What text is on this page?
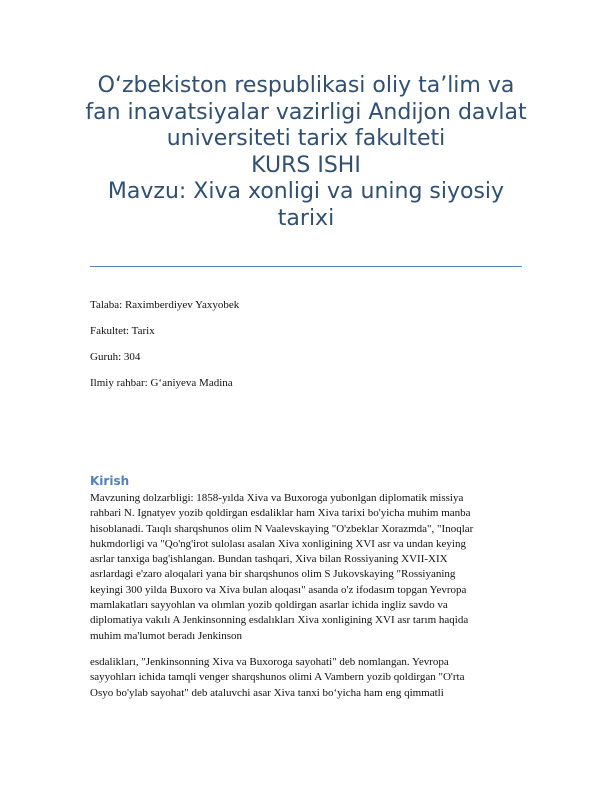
O‘zbekiston respublikasi oliy ta’lim va
fan inavatsiyalar vazirligi Andijon davlat
universiteti tarix fakulteti
KURS ISHI
Mavzu: Xiva xonligi va uning siyosiy
tarixi
Talaba: Raximberdiyev Yaxyobek
Fakultet: Tarix
Guruh: 304
Ilmiy rahbar: G‘aniyeva Madina
Kirish
Mavzuning dolzarbligi: 1858-yılda Xiva va Buxoroga yubonlgan diplomatik missiya
rahbari N. Ignatyev yozib qoldirgan esdaliklar ham Xiva tarixi bo'yicha muhim manba
hisoblanadi. Taıqlı sharqshunos olim N Vaalevskaying "O'zbeklar Xorazmda", "Inoqlar
hukmdorligi va "Qo'ng'irot sulolası asalan Xiva xonligining XVI asr va undan keying
asrlar tanxiga bag'ishlangan. Bundan tashqari, Xiva bilan Rossiyaning XVII-XIX
asrlardagi e'zaro aloqalari yana bir sharqshunos olim S Jukovskaying "Rossiyaning
keyingi 300 yilda Buxoro va Xiva bulan aloqası" asanda o'z ifodasım topgan Yevropa
mamlakatları sayyohlan va olımlan yozib qoldirgan asarlar ichida ingliz savdo va
diplomatiya vakılı A Jenkinsonning esdalıkları Xiva xonligining XVI asr tarım haqida
muhim ma'lumot beradı Jenkinson
esdalikları, "Jenkinsonning Xiva va Buxoroga sayohati" deb nomlangan. Yevropa
sayyohları ichida tamqli venger sharqshunos olimi A Vambern yozib qoldirgan "O'rta
Osyo bo'ylab sayohat" deb ataluvchi asar Xiva tanxi bo‘yicha ham eng qimmatli
